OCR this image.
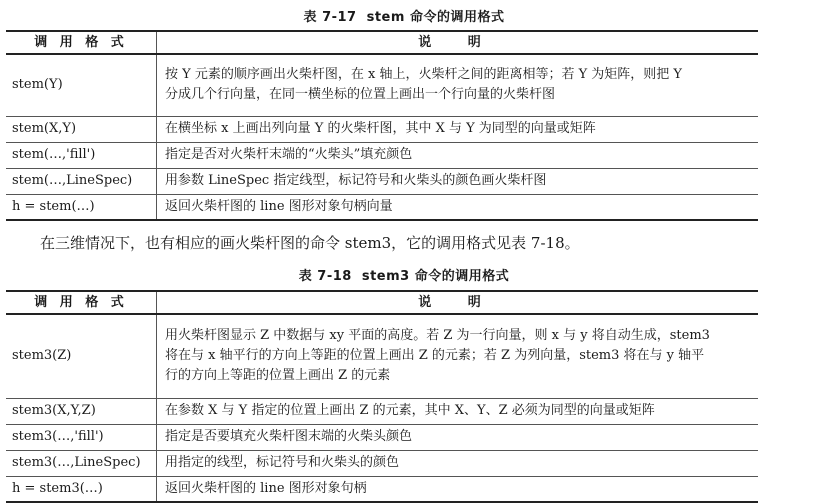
表 7-17 stem 命令的调用格式
调 用 格 式	说 明
stem(Y)	按 Y 元素的顺序画出火柴杆图，在 x 轴上，火柴杆之间的距离相等；若 Y 为矩阵，则把 Y
分成几个行向量，在同一横坐标的位置上画出一个行向量的火柴杆图

stem(X,Y)	在横坐标 x 上画出列向量 Y 的火柴杆图，其中 X 与 Y 为同型的向量或矩阵
stem(…,'fill')	指定是否对火柴杆末端的“火柴头”填充颜色
stem(…,LineSpec)	用参数 LineSpec 指定线型，标记符号和火柴头的颜色画火柴杆图
h = stem(…)	返回火柴杆图的 line 图形对象句柄向量
在三维情况下，也有相应的画火柴杆图的命令 stem3，它的调用格式见表 7-18。
表 7-18 stem3 命令的调用格式
调 用 格 式	说 明
stem3(Z)	用火柴杆图显示 Z 中数据与 xy 平面的高度。若 Z 为一行向量，则 x 与 y 将自动生成，stem3
将在与 x 轴平行的方向上等距的位置上画出 Z 的元素；若 Z 为列向量，stem3 将在与 y 轴平
行的方向上等距的位置上画出 Z 的元素

stem3(X,Y,Z)	在参数 X 与 Y 指定的位置上画出 Z 的元素，其中 X、Y、Z 必须为同型的向量或矩阵
stem3(…,'fill')	指定是否要填充火柴杆图末端的火柴头颜色
stem3(…,LineSpec)	用指定的线型，标记符号和火柴头的颜色
h = stem3(…)	返回火柴杆图的 line 图形对象句柄
